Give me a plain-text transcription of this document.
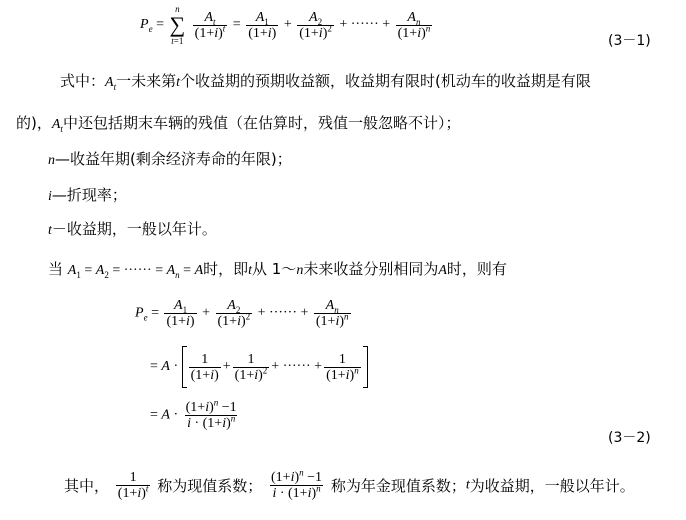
$P_e$ =
n
∑
t=1

$\frac{A_t}{(1+i)^t} = \frac{A_1}{(1+i)} + \frac{A_2}{(1+i)^2}$ + ······ + $\frac{A_n}{(1+i)^n}$
(3－1)
式中：$A_t$一未来第t个收益期的预期收益额，收益期有限时(机动车的收益期是有限
的)，$A_t$中还包括期末车辆的残值（在估算时，残值一般忽略不计）；
n—收益年期(剩余经济寿命的年限)；
i—折现率；
t－收益期，一般以年计。
当 $A_1 = A_2$ = ······ = $A_n = A$时，即t从 1～n未来收益分别相同为A时，则有
$P_e = \frac{A_1}{(1+i)} + \frac{A_2}{(1+i)^2}$ + ······ + $\frac{A_n}{(1+i)^n}$
= $A \cdot \frac{1}{(1+i)} + \frac{1}{(1+i)^2}$ + ······ + $\frac{1}{(1+i)^n}$
= $A \cdot \frac{(1+i)^n -1}{i \cdot (1+i)^n}$
(3－2)
其中， $\frac{1}{(1+i)^t}$ 称为现值系数； $\frac{(1+i)^n -1}{i \cdot (1+i)^n}$ 称为年金现值系数；t为收益期，一般以年计。
